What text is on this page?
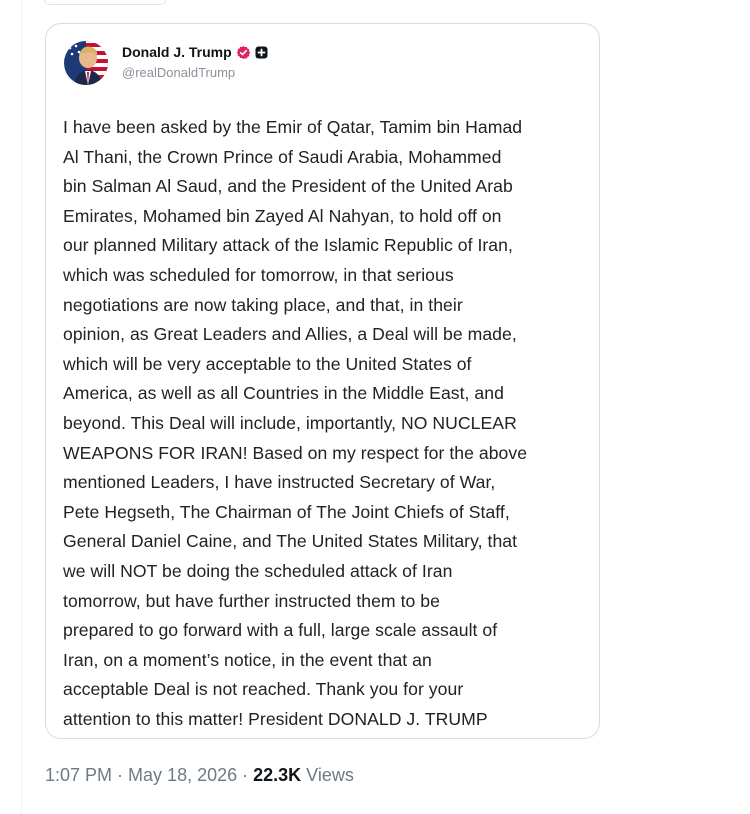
Donald J. Trump
@realDonaldTrump
I have been asked by the Emir of Qatar, Tamim bin Hamad
Al Thani, the Crown Prince of Saudi Arabia, Mohammed
bin Salman Al Saud, and the President of the United Arab
Emirates, Mohamed bin Zayed Al Nahyan, to hold off on
our planned Military attack of the Islamic Republic of Iran,
which was scheduled for tomorrow, in that serious
negotiations are now taking place, and that, in their
opinion, as Great Leaders and Allies, a Deal will be made,
which will be very acceptable to the United States of
America, as well as all Countries in the Middle East, and
beyond. This Deal will include, importantly, NO NUCLEAR
WEAPONS FOR IRAN! Based on my respect for the above
mentioned Leaders, I have instructed Secretary of War,
Pete Hegseth, The Chairman of The Joint Chiefs of Staff,
General Daniel Caine, and The United States Military, that
we will NOT be doing the scheduled attack of Iran
tomorrow, but have further instructed them to be
prepared to go forward with a full, large scale assault of
Iran, on a moment’s notice, in the event that an
acceptable Deal is not reached. Thank you for your
attention to this matter! President DONALD J. TRUMP
1:07 PM · May 18, 2026 · 22.3K Views
